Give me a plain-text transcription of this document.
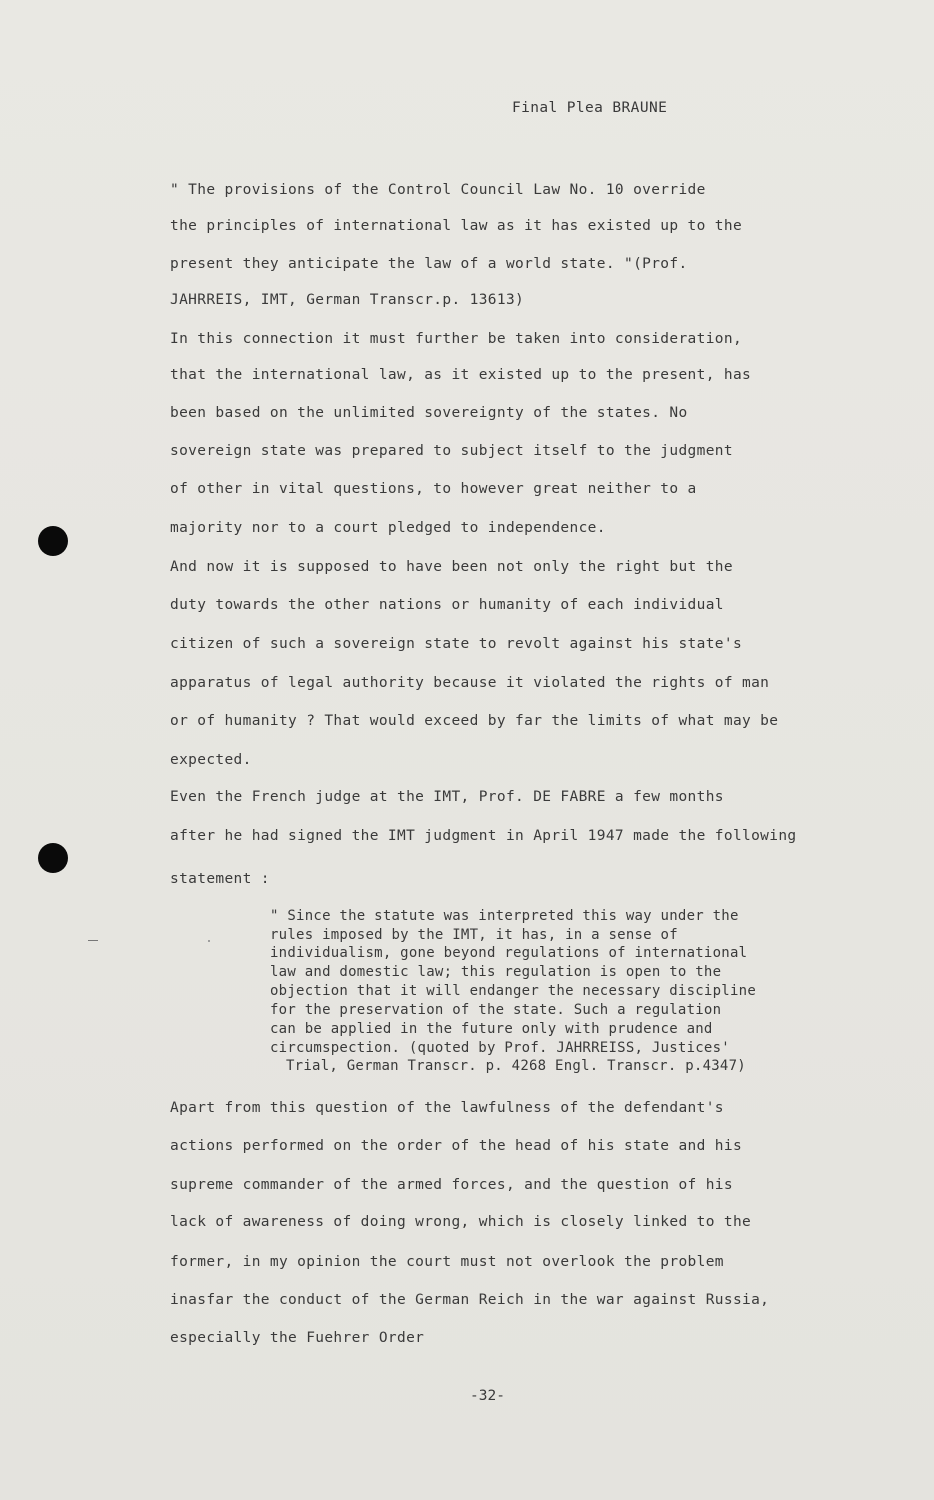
Final Plea BRAUNE
" The provisions of the Control Council Law No. 10 override
the principles of international law as it has existed up to the
present they anticipate the law of a world state. "(Prof.
JAHRREIS, IMT, German Transcr.p. 13613)
In this connection it must further be taken into consideration,
that the international law, as it existed up to the present, has
been based on the unlimited sovereignty of the states. No
sovereign state was prepared to subject itself to the judgment
of other in vital questions, to however great neither to a
majority nor to a court pledged to independence.
And now it is supposed to have been not only the right but the
duty towards the other nations or humanity of each individual
citizen of such a sovereign state to revolt against his state's
apparatus of legal authority because it violated the rights of man
or of humanity ? That would exceed by far the limits of what may be
expected.
Even the French judge at the IMT, Prof. DE FABRE a few months
after he had signed the IMT judgment in April 1947 made the following
statement :
" Since the statute was interpreted this way under the
rules imposed by the IMT, it has, in a sense of
individualism, gone beyond regulations of international
law and domestic law; this regulation is open to the
objection that it will endanger the necessary discipline
for the preservation of the state. Such a regulation
can be applied in the future only with prudence and
circumspection. (quoted by Prof. JAHRREISS, Justices'
Trial, German Transcr. p. 4268 Engl. Transcr. p.4347)
Apart from this question of the lawfulness of the defendant's
actions performed on the order of the head of his state and his
supreme commander of the armed forces, and the question of his
lack of awareness of doing wrong, which is closely linked to the
former, in my opinion the court must not overlook the problem
inasfar the conduct of the German Reich in the war against Russia,
especially the Fuehrer Order
-32-
